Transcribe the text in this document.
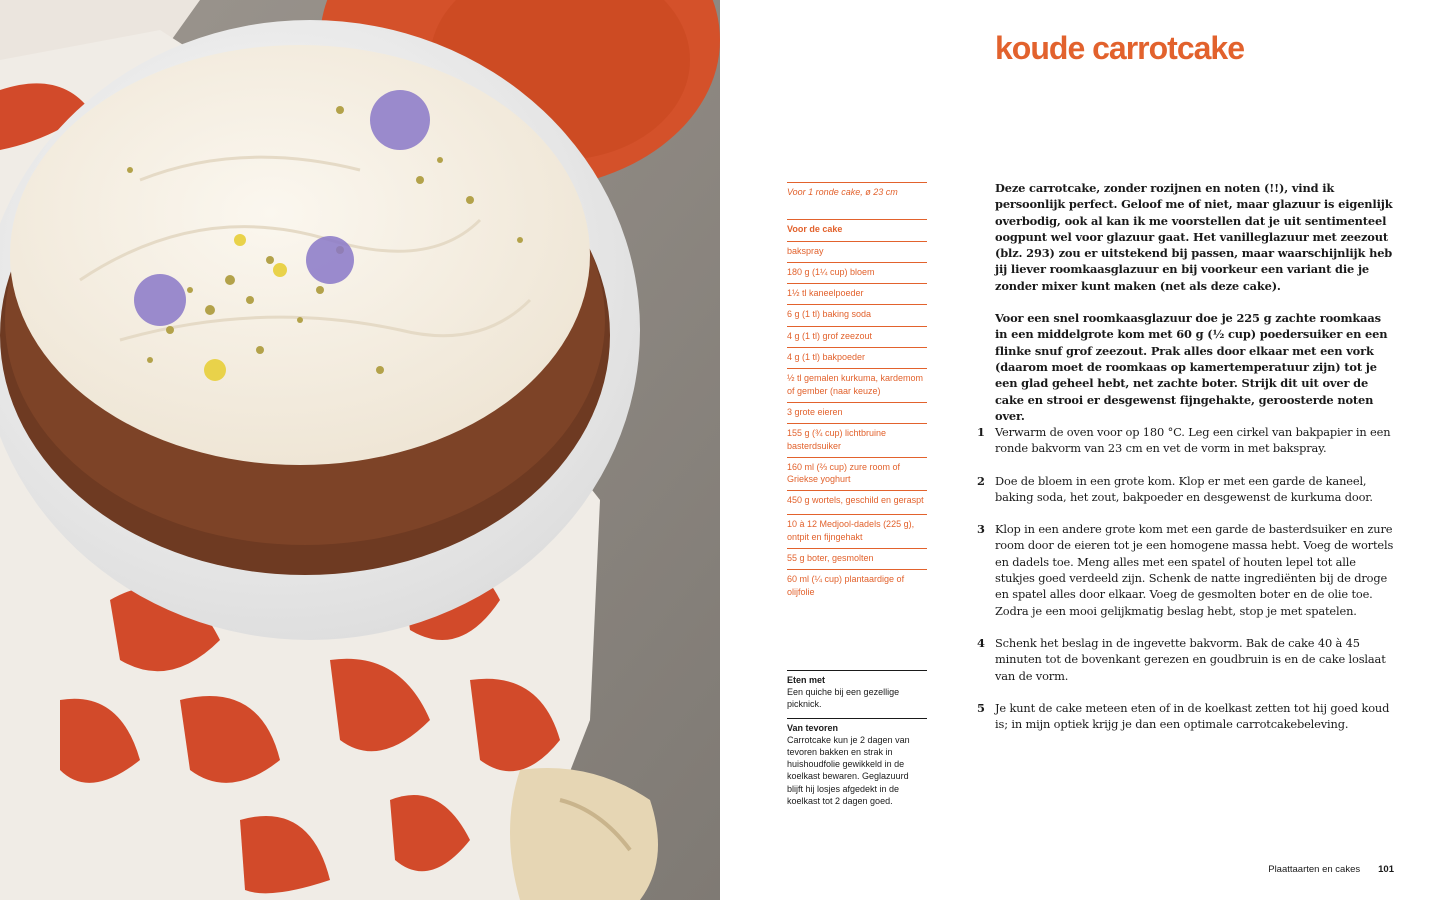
koude carrotcake
Voor 1 ronde cake, ø 23 cm
Voor de cake
bakspray
180 g (1¼ cup) bloem
1½ tl kaneelpoeder
6 g (1 tl) baking soda
4 g (1 tl) grof zeezout
4 g (1 tl) bakpoeder
½ tl gemalen kurkuma, kardemom of gember (naar keuze)
3 grote eieren
155 g (¾ cup) lichtbruine basterdsuiker
160 ml (⅔ cup) zure room of Griekse yoghurt
450 g wortels, geschild en geraspt
10 à 12 Medjool-dadels (225 g), ontpit en fijngehakt
55 g boter, gesmolten
60 ml (¼ cup) plantaardige of olijfolie
Eten met
Een quiche bij een gezellige picknick.
Van tevoren
Carrotcake kun je 2 dagen van tevoren bakken en strak in huishoudfolie gewikkeld in de koelkast bewaren. Geglazuurd blijft hij losjes afgedekt in de koelkast tot 2 dagen goed.

Deze carrotcake, zonder rozijnen en noten (!!), vind ik persoonlijk perfect. Geloof me of niet, maar glazuur is eigenlijk overbodig, ook al kan ik me voorstellen dat je uit sentimenteel oogpunt wel voor glazuur gaat. Het vanilleglazuur met zeezout (blz. 293) zou er uitstekend bij passen, maar waarschijnlijk heb jij liever roomkaasglazuur en bij voorkeur een variant die je zonder mixer kunt maken (net als deze cake).

Voor een snel roomkaasglazuur doe je 225 g zachte roomkaas in een middelgrote kom met 60 g (½ cup) poedersuiker en een flinke snuf grof zeezout. Prak alles door elkaar met een vork (daarom moet de roomkaas op kamertemperatuur zijn) tot je een glad geheel hebt, net zachte boter. Strijk dit uit over de cake en strooi er desgewenst fijngehakte, geroosterde noten over.

1 Verwarm de oven voor op 180 °C. Leg een cirkel van bakpapier in een ronde bakvorm van 23 cm en vet de vorm in met bakspray.
2 Doe de bloem in een grote kom. Klop er met een garde de kaneel, baking soda, het zout, bakpoeder en desgewenst de kurkuma door.
3 Klop in een andere grote kom met een garde de basterdsuiker en zure room door de eieren tot je een homogene massa hebt. Voeg de wortels en dadels toe. Meng alles met een spatel of houten lepel tot alle stukjes goed verdeeld zijn. Schenk de natte ingrediënten bij de droge en spatel alles door elkaar. Voeg de gesmolten boter en de olie toe. Zodra je een mooi gelijkmatig beslag hebt, stop je met spatelen.
4 Schenk het beslag in de ingevette bakvorm. Bak de cake 40 à 45 minuten tot de bovenkant gerezen en goudbruin is en de cake loslaat van de vorm.
5 Je kunt de cake meteen eten of in de koelkast zetten tot hij goed koud is; in mijn optiek krijg je dan een optimale carrotcakebeleving.
Plaattaarten en cakes 101
